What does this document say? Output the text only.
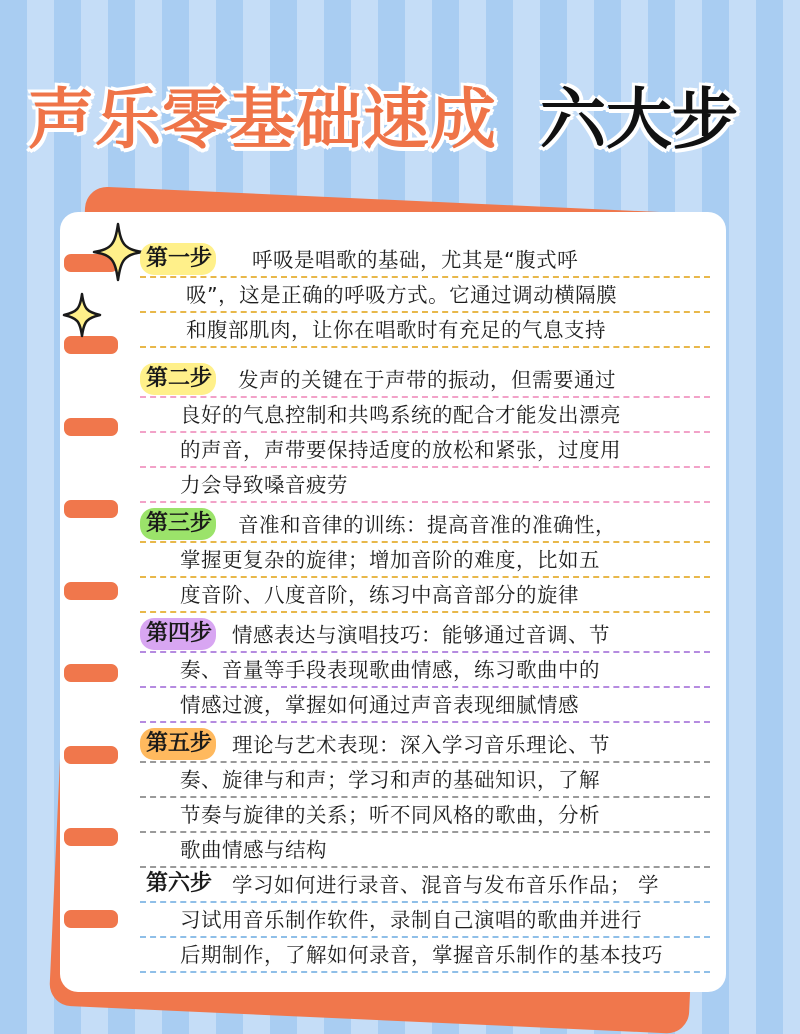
声乐零基础速成 六大步
第一步	呼吸是唱歌的基础，尤其是“腹式呼
吸”，这是正确的呼吸方式。它通过调动横隔膜
和腹部肌肉，让你在唱歌时有充足的气息支持

第二步	发声的关键在于声带的振动，但需要通过
良好的气息控制和共鸣系统的配合才能发出漂亮
的声音，声带要保持适度的放松和紧张，过度用
力会导致嗓音疲劳

第三步	音准和音律的训练：提高音准的准确性，
掌握更复杂的旋律；增加音阶的难度，比如五
度音阶、八度音阶，练习中高音部分的旋律

第四步 情感表达与演唱技巧：能够通过音调、节
奏、音量等手段表现歌曲情感，练习歌曲中的
情感过渡，掌握如何通过声音表现细腻情感

第五步 理论与艺术表现：深入学习音乐理论、节
奏、旋律与和声；学习和声的基础知识，了解
节奏与旋律的关系；听不同风格的歌曲，分析
歌曲情感与结构

第六步 学习如何进行录音、混音与发布音乐作品； 学
习试用音乐制作软件，录制自己演唱的歌曲并进行
后期制作，了解如何录音，掌握音乐制作的基本技巧
